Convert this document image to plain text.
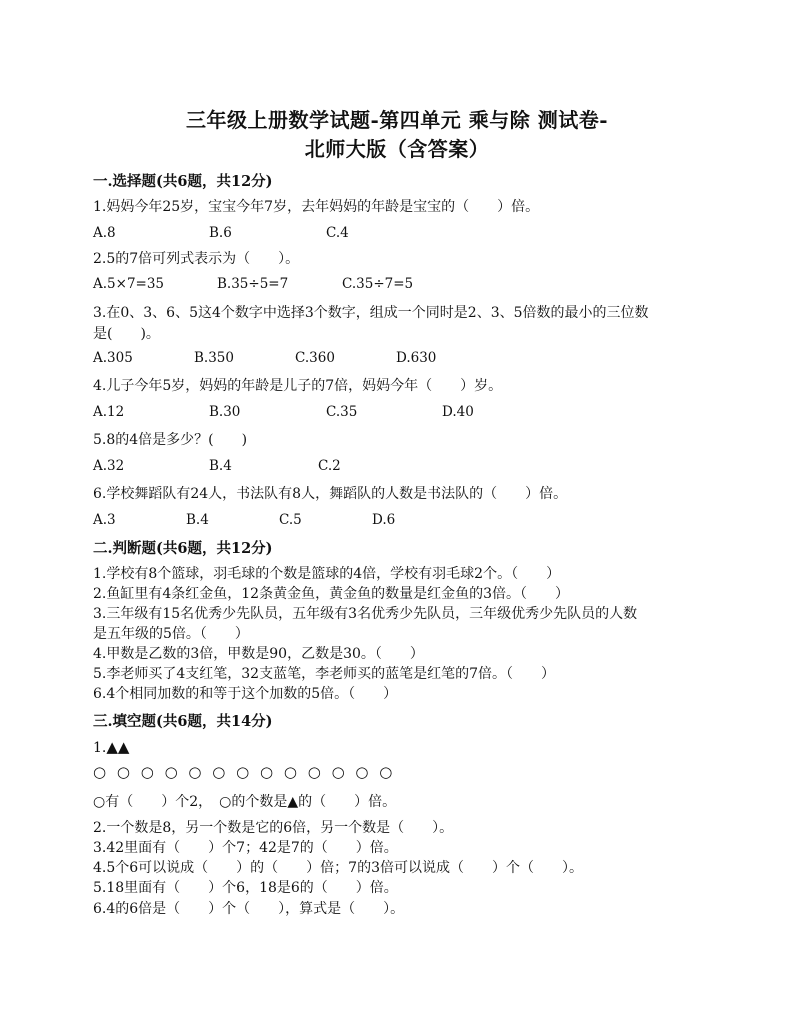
三年级上册数学试题-第四单元 乘与除 测试卷-
北师大版（含答案）
一.选择题(共6题，共12分)
1.妈妈今年25岁，宝宝今年7岁，去年妈妈的年龄是宝宝的（　　）倍。
A.8	B.6	C.4
2.5的7倍可列式表示为（　　）。
A.5×7=35	B.35÷5=7	C.35÷7=5
3.在0、3、6、5这4个数字中选择3个数字，组成一个同时是2、3、5倍数的最小的三位数
是(　　)。
A.305	B.350	C.360	D.630
4.儿子今年5岁，妈妈的年龄是儿子的7倍，妈妈今年（　　）岁。
A.12	B.30	C.35	D.40
5.8的4倍是多少？(　　)
A.32	B.4	C.2
6.学校舞蹈队有24人，书法队有8人，舞蹈队的人数是书法队的（　　）倍。
A.3	B.4	C.5	D.6
二.判断题(共6题，共12分)
1.学校有8个篮球，羽毛球的个数是篮球的4倍，学校有羽毛球2个。（　　）
2.鱼缸里有4条红金鱼，12条黄金鱼，黄金鱼的数量是红金鱼的3倍。（　　）
3.三年级有15名优秀少先队员，五年级有3名优秀少先队员，三年级优秀少先队员的人数
是五年级的5倍。（　　）
4.甲数是乙数的3倍，甲数是90，乙数是30。（　　）
5.李老师买了4支红笔，32支蓝笔，李老师买的蓝笔是红笔的7倍。（　　）
6.4个相同加数的和等于这个加数的5倍。（　　）
三.填空题(共6题，共14分)
1.▲▲
○ ○ ○ ○ ○ ○ ○ ○ ○ ○ ○ ○ ○
○有（　　）个2，　○的个数是▲的（　　）倍。
2.一个数是8，另一个数是它的6倍，另一个数是（　　）。
3.42里面有（　　）个7；42是7的（　　）倍。
4.5个6可以说成（　　）的（　　）倍；7的3倍可以说成（　　）个（　　）。
5.18里面有（　　）个6，18是6的（　　）倍。
6.4的6倍是（　　）个（　　），算式是（　　）。
